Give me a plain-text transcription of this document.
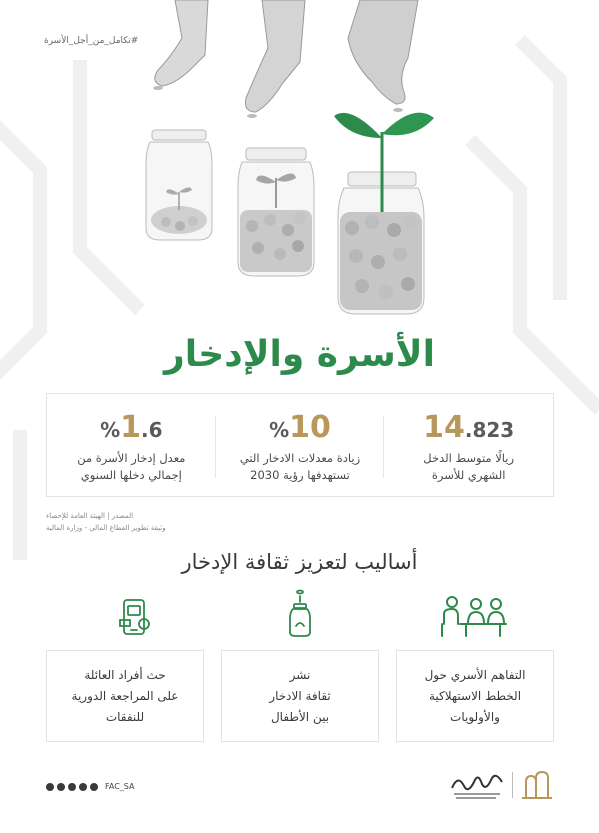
#تكامل_من_أجل_الأسرة
الأسرة والإدخار
14.823
ريالًا متوسط الدخل
الشهري للأسرة
%10
زيادة معدلات الادخار التي
تستهدفها رؤية 2030
%1.6
معدل إدخار الأسرة من
إجمالي دخلها السنوي
المصدر | الهيئة العامة للإحصاء
وثيقة تطوير القطاع المالي - وزارة المالية
أساليب لتعزيز ثقافة الإدخار
التفاهم الأسري حول
الخطط الاستهلاكية
والأولويات
نشر
ثقافة الادخار
بين الأطفال
حث أفراد العائلة
على المراجعة الدورية
للنفقات
FAC_SA
